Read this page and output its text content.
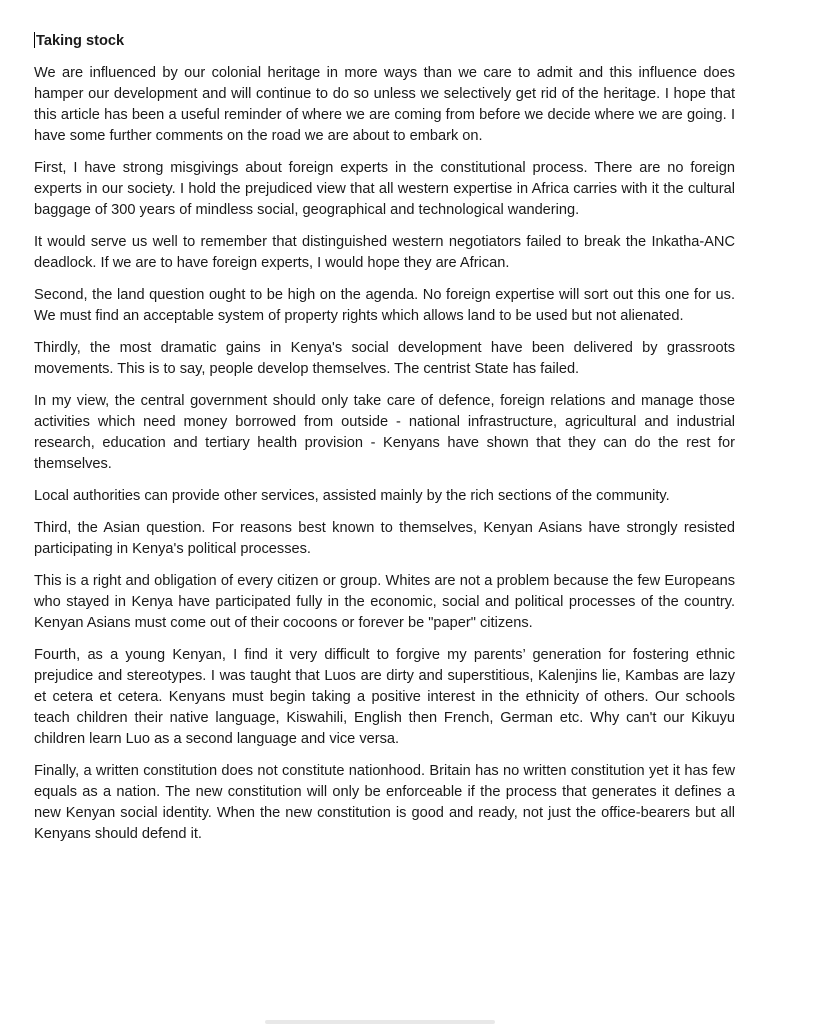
Taking stock

We are influenced by our colonial heritage in more ways than we care to admit and this influence does hamper our development and will continue to do so unless we selectively get rid of the heritage. I hope that this article has been a useful reminder of where we are coming from before we decide where we are going. I have some further comments on the road we are about to embark on.

First, I have strong misgivings about foreign experts in the constitutional process. There are no foreign experts in our society. I hold the prejudiced view that all western expertise in Africa carries with it the cultural baggage of 300 years of mindless social, geographical and technological wandering.

It would serve us well to remember that distinguished western negotiators failed to break the Inkatha-ANC deadlock. If we are to have foreign experts, I would hope they are African.

Second, the land question ought to be high on the agenda. No foreign expertise will sort out this one for us. We must find an acceptable system of property rights which allows land to be used but not alienated.

Thirdly, the most dramatic gains in Kenya's social development have been delivered by grassroots movements. This is to say, people develop themselves. The centrist State has failed.

In my view, the central government should only take care of defence, foreign relations and manage those activities which need money borrowed from outside - national infrastructure, agricultural and industrial research, education and tertiary health provision - Kenyans have shown that they can do the rest for themselves.

Local authorities can provide other services, assisted mainly by the rich sections of the community.

Third, the Asian question. For reasons best known to themselves, Kenyan Asians have strongly resisted participating in Kenya's political processes.

This is a right and obligation of every citizen or group. Whites are not a problem because the few Europeans who stayed in Kenya have participated fully in the economic, social and political processes of the country. Kenyan Asians must come out of their cocoons or forever be "paper" citizens.

Fourth, as a young Kenyan, I find it very difficult to forgive my parents’ generation for fostering ethnic prejudice and stereotypes. I was taught that Luos are dirty and superstitious, Kalenjins lie, Kambas are lazy et cetera et cetera. Kenyans must begin taking a positive interest in the ethnicity of others. Our schools teach children their native language, Kiswahili, English then French, German etc. Why can't our Kikuyu children learn Luo as a second language and vice versa.

Finally, a written constitution does not constitute nationhood. Britain has no written constitution yet it has few equals as a nation. The new constitution will only be enforceable if the process that generates it defines a new Kenyan social identity. When the new constitution is good and ready, not just the office-bearers but all Kenyans should defend it.
